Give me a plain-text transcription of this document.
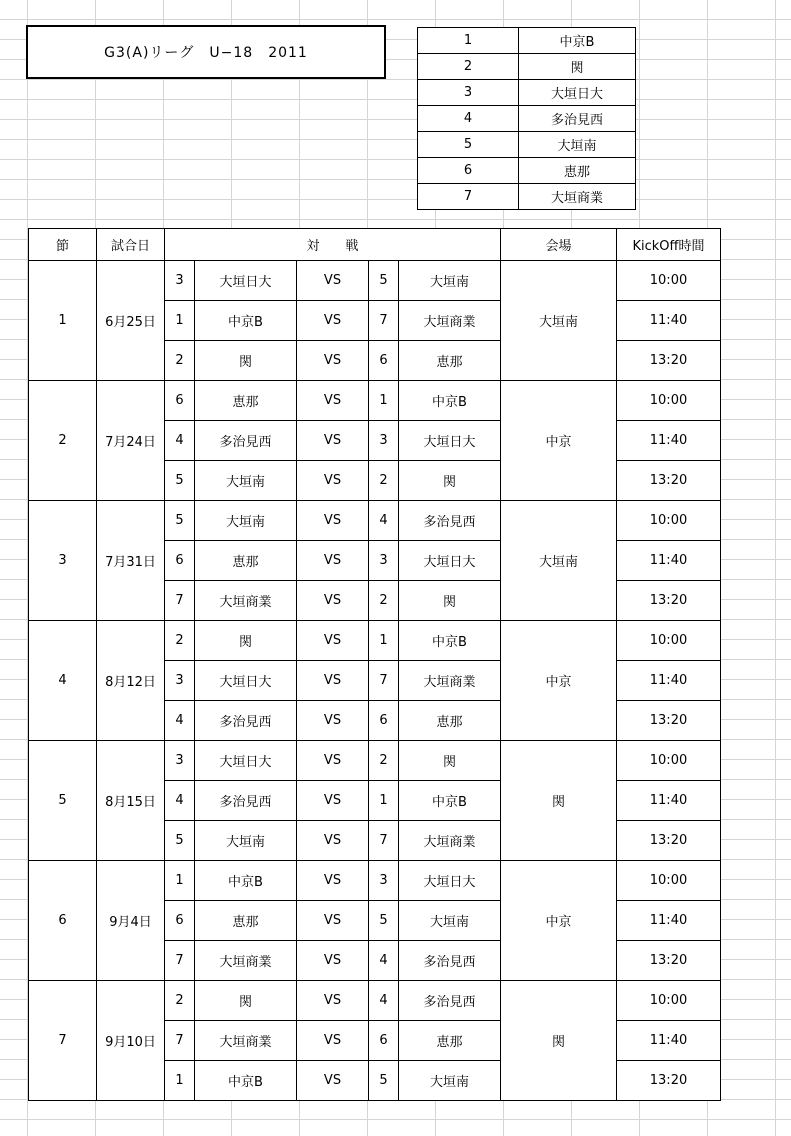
G3(A)リーグ　U−18　2011
1	中京B
2	関
3	大垣日大
4	多治見西
5	大垣南
6	恵那
7	大垣商業
節	試合日	対　　戦					会場	KickOff時間
1	6月25日	3	大垣日大	VS	5	大垣南	大垣南	10:00
		1	中京B	VS	7	大垣商業		11:40
		2	関	VS	6	恵那		13:20
2	7月24日	6	恵那	VS	1	中京B	中京	10:00
		4	多治見西	VS	3	大垣日大		11:40
		5	大垣南	VS	2	関		13:20
3	7月31日	5	大垣南	VS	4	多治見西	大垣南	10:00
		6	恵那	VS	3	大垣日大		11:40
		7	大垣商業	VS	2	関		13:20
4	8月12日	2	関	VS	1	中京B	中京	10:00
		3	大垣日大	VS	7	大垣商業		11:40
		4	多治見西	VS	6	恵那		13:20
5	8月15日	3	大垣日大	VS	2	関	関	10:00
		4	多治見西	VS	1	中京B		11:40
		5	大垣南	VS	7	大垣商業		13:20
6	9月4日	1	中京B	VS	3	大垣日大	中京	10:00
		6	恵那	VS	5	大垣南		11:40
		7	大垣商業	VS	4	多治見西		13:20
7	9月10日	2	関	VS	4	多治見西	関	10:00
		7	大垣商業	VS	6	恵那		11:40
		1	中京B	VS	5	大垣南		13:20
